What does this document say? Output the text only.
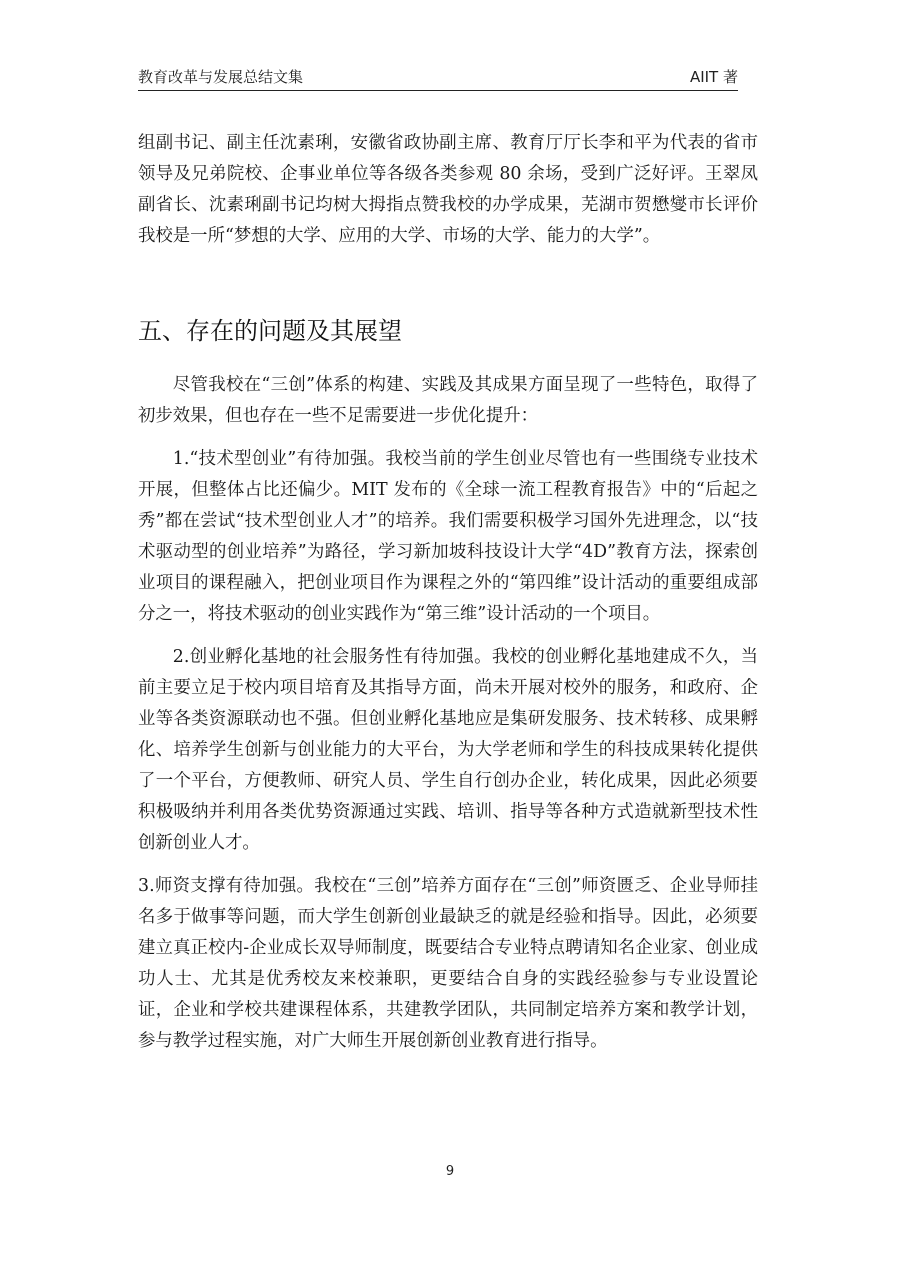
教育改革与发展总结文集	AIIT 著

组副书记、副主任沈素琍，安徽省政协副主席、教育厅厅长李和平为代表的省市领导及兄弟院校、企事业单位等各级各类参观 80 余场，受到广泛好评。王翠凤副省长、沈素琍副书记均树大拇指点赞我校的办学成果，芜湖市贺懋燮市长评价我校是一所“梦想的大学、应用的大学、市场的大学、能力的大学”。

五、存在的问题及其展望

尽管我校在“三创”体系的构建、实践及其成果方面呈现了一些特色，取得了初步效果，但也存在一些不足需要进一步优化提升：

1.“技术型创业”有待加强。我校当前的学生创业尽管也有一些围绕专业技术开展，但整体占比还偏少。MIT 发布的《全球一流工程教育报告》中的“后起之秀”都在尝试“技术型创业人才”的培养。我们需要积极学习国外先进理念，以“技术驱动型的创业培养”为路径，学习新加坡科技设计大学“4D”教育方法，探索创业项目的课程融入，把创业项目作为课程之外的“第四维”设计活动的重要组成部分之一，将技术驱动的创业实践作为“第三维”设计活动的一个项目。

2.创业孵化基地的社会服务性有待加强。我校的创业孵化基地建成不久，当前主要立足于校内项目培育及其指导方面，尚未开展对校外的服务，和政府、企业等各类资源联动也不强。但创业孵化基地应是集研发服务、技术转移、成果孵化、培养学生创新与创业能力的大平台，为大学老师和学生的科技成果转化提供了一个平台，方便教师、研究人员、学生自行创办企业，转化成果，因此必须要积极吸纳并利用各类优势资源通过实践、培训、指导等各种方式造就新型技术性创新创业人才。

3.师资支撑有待加强。我校在“三创”培养方面存在“三创”师资匮乏、企业导师挂名多于做事等问题，而大学生创新创业最缺乏的就是经验和指导。因此，必须要建立真正校内-企业成长双导师制度，既要结合专业特点聘请知名企业家、创业成功人士、尤其是优秀校友来校兼职，更要结合自身的实践经验参与专业设置论证，企业和学校共建课程体系，共建教学团队，共同制定培养方案和教学计划，参与教学过程实施，对广大师生开展创新创业教育进行指导。

9
